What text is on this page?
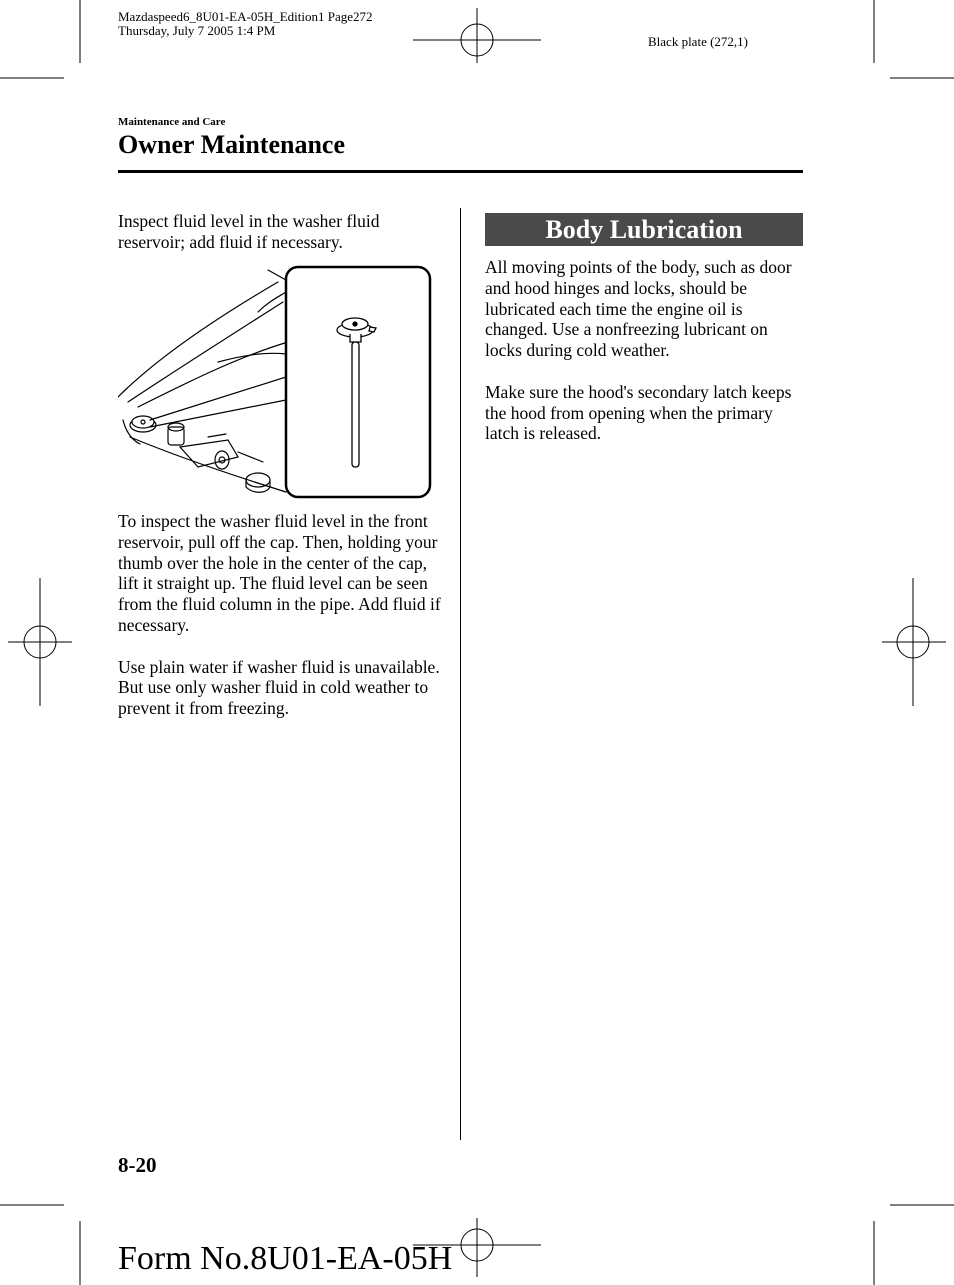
Mazdaspeed6_8U01-EA-05H_Edition1 Page272
Thursday, July 7 2005 1:4 PM
Black plate (272,1)
Maintenance and Care
Owner Maintenance

Inspect fluid level in the washer fluid reservoir; add fluid if necessary.

To inspect the washer fluid level in the front reservoir, pull off the cap. Then, holding your thumb over the hole in the center of the cap, lift it straight up. The fluid level can be seen from the fluid column in the pipe. Add fluid if necessary.

Use plain water if washer fluid is unavailable. But use only washer fluid in cold weather to prevent it from freezing.

Body Lubrication

All moving points of the body, such as door and hood hinges and locks, should be lubricated each time the engine oil is changed. Use a nonfreezing lubricant on locks during cold weather.

Make sure the hood's secondary latch keeps the hood from opening when the primary latch is released.

8-20
Form No.8U01-EA-05H
